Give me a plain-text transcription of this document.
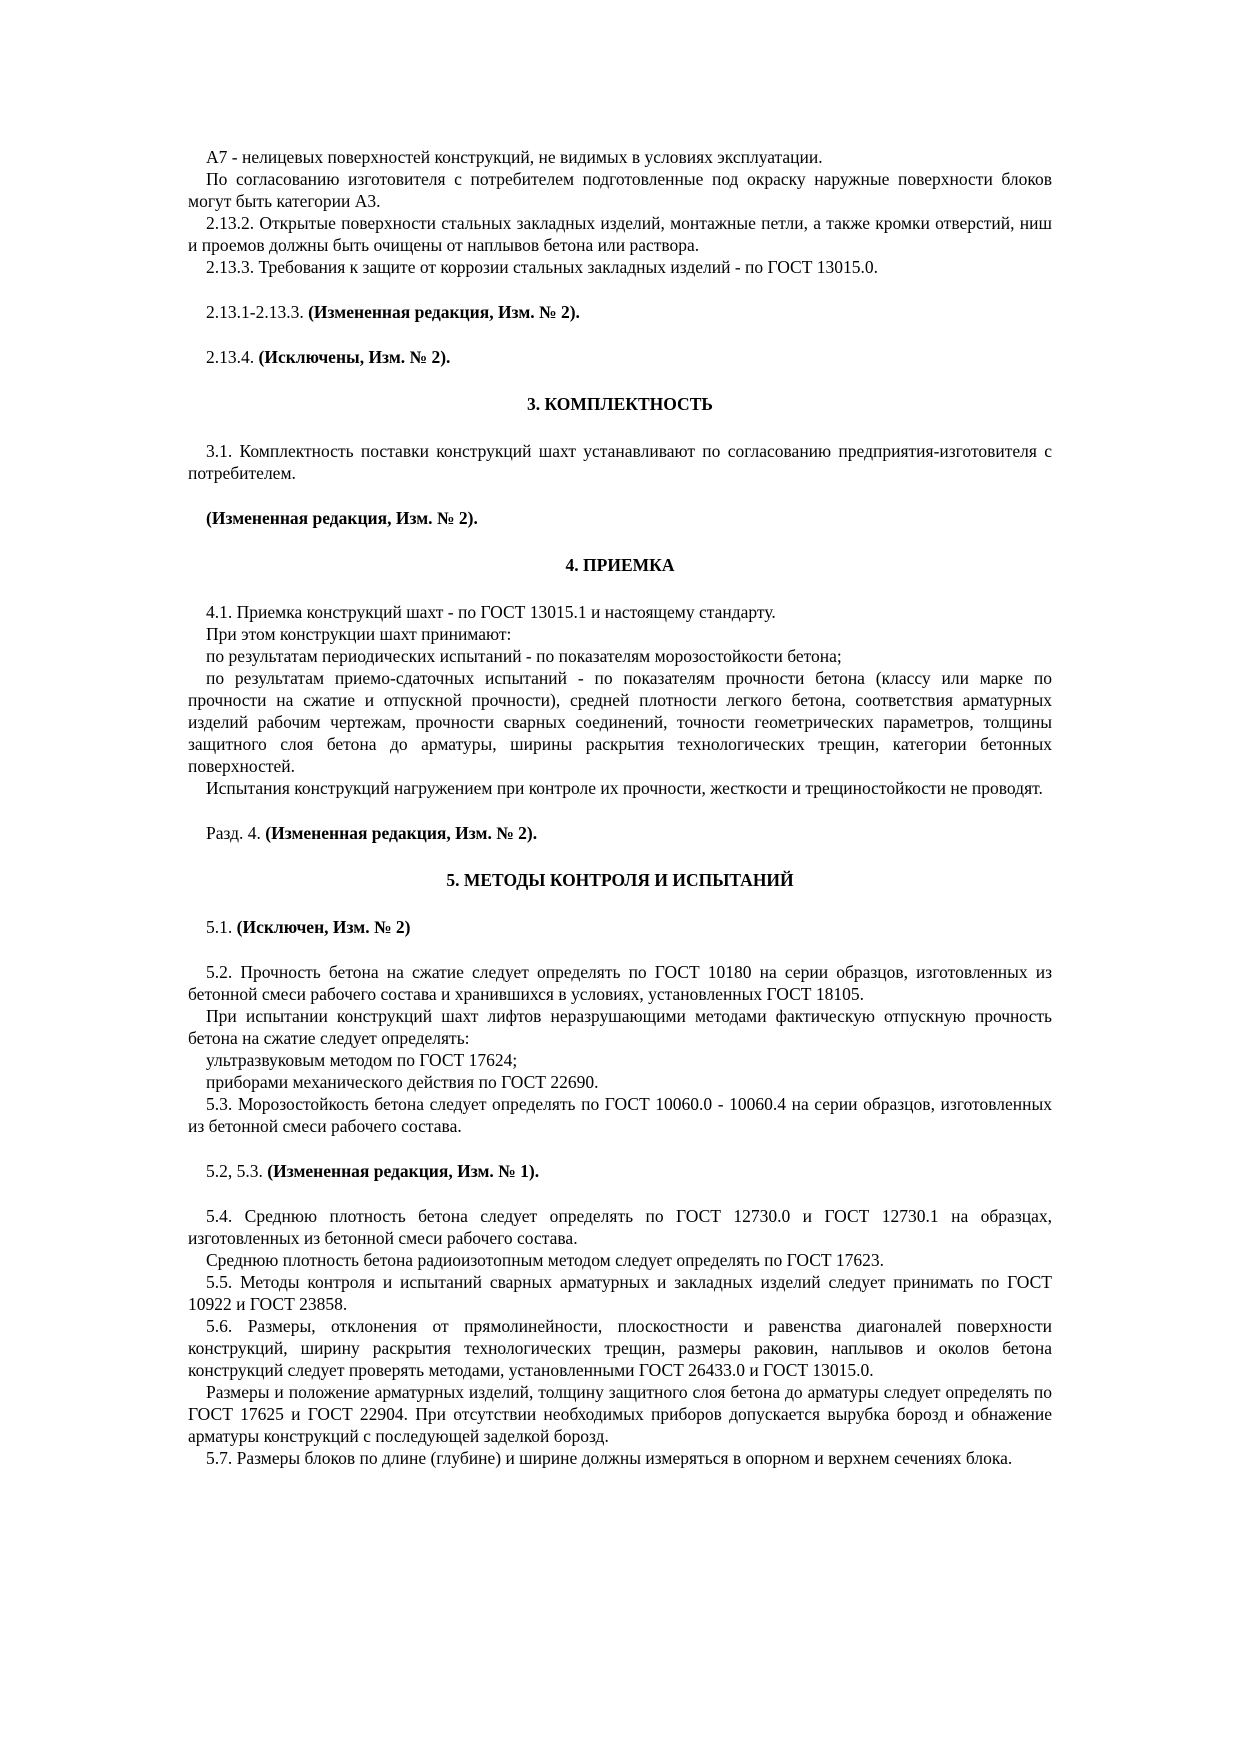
А7 - нелицевых поверхностей конструкций, не видимых в условиях эксплуатации.

По согласованию изготовителя с потребителем подготовленные под окраску наружные поверхности блоков могут быть категории А3.

2.13.2. Открытые поверхности стальных закладных изделий, монтажные петли, а также кромки отверстий, ниш и проемов должны быть очищены от наплывов бетона или раствора.

2.13.3. Требования к защите от коррозии стальных закладных изделий - по ГОСТ 13015.0.

2.13.1-2.13.3. (Измененная редакция, Изм. № 2).

2.13.4. (Исключены, Изм. № 2).

3. КОМПЛЕКТНОСТЬ

3.1. Комплектность поставки конструкций шахт устанавливают по согласованию предприятия-изготовителя с потребителем.

(Измененная редакция, Изм. № 2).

4. ПРИЕМКА

4.1. Приемка конструкций шахт - по ГОСТ 13015.1 и настоящему стандарту.

При этом конструкции шахт принимают:

по результатам периодических испытаний - по показателям морозостойкости бетона;

по результатам приемо-сдаточных испытаний - по показателям прочности бетона (классу или марке по прочности на сжатие и отпускной прочности), средней плотности легкого бетона, соответствия арматурных изделий рабочим чертежам, прочности сварных соединений, точности геометрических параметров, толщины защитного слоя бетона до арматуры, ширины раскрытия технологических трещин, категории бетонных поверхностей.

Испытания конструкций нагружением при контроле их прочности, жесткости и трещиностойкости не проводят.

Разд. 4. (Измененная редакция, Изм. № 2).

5. МЕТОДЫ КОНТРОЛЯ И ИСПЫТАНИЙ

5.1. (Исключен, Изм. № 2)

5.2. Прочность бетона на сжатие следует определять по ГОСТ 10180 на серии образцов, изготовленных из бетонной смеси рабочего состава и хранившихся в условиях, установленных ГОСТ 18105.

При испытании конструкций шахт лифтов неразрушающими методами фактическую отпускную прочность бетона на сжатие следует определять:

ультразвуковым методом по ГОСТ 17624;

приборами механического действия по ГОСТ 22690.

5.3. Морозостойкость бетона следует определять по ГОСТ 10060.0 - 10060.4 на серии образцов, изготовленных из бетонной смеси рабочего состава.

5.2, 5.3. (Измененная редакция, Изм. № 1).

5.4. Среднюю плотность бетона следует определять по ГОСТ 12730.0 и ГОСТ 12730.1 на образцах, изготовленных из бетонной смеси рабочего состава.

Среднюю плотность бетона радиоизотопным методом следует определять по ГОСТ 17623.

5.5. Методы контроля и испытаний сварных арматурных и закладных изделий следует принимать по ГОСТ 10922 и ГОСТ 23858.

5.6. Размеры, отклонения от прямолинейности, плоскостности и равенства диагоналей поверхности конструкций, ширину раскрытия технологических трещин, размеры раковин, наплывов и околов бетона конструкций следует проверять методами, установленными ГОСТ 26433.0 и ГОСТ 13015.0.

Размеры и положение арматурных изделий, толщину защитного слоя бетона до арматуры следует определять по ГОСТ 17625 и ГОСТ 22904. При отсутствии необходимых приборов допускается вырубка борозд и обнажение арматуры конструкций с последующей заделкой борозд.

5.7. Размеры блоков по длине (глубине) и ширине должны измеряться в опорном и верхнем сечениях блока.
